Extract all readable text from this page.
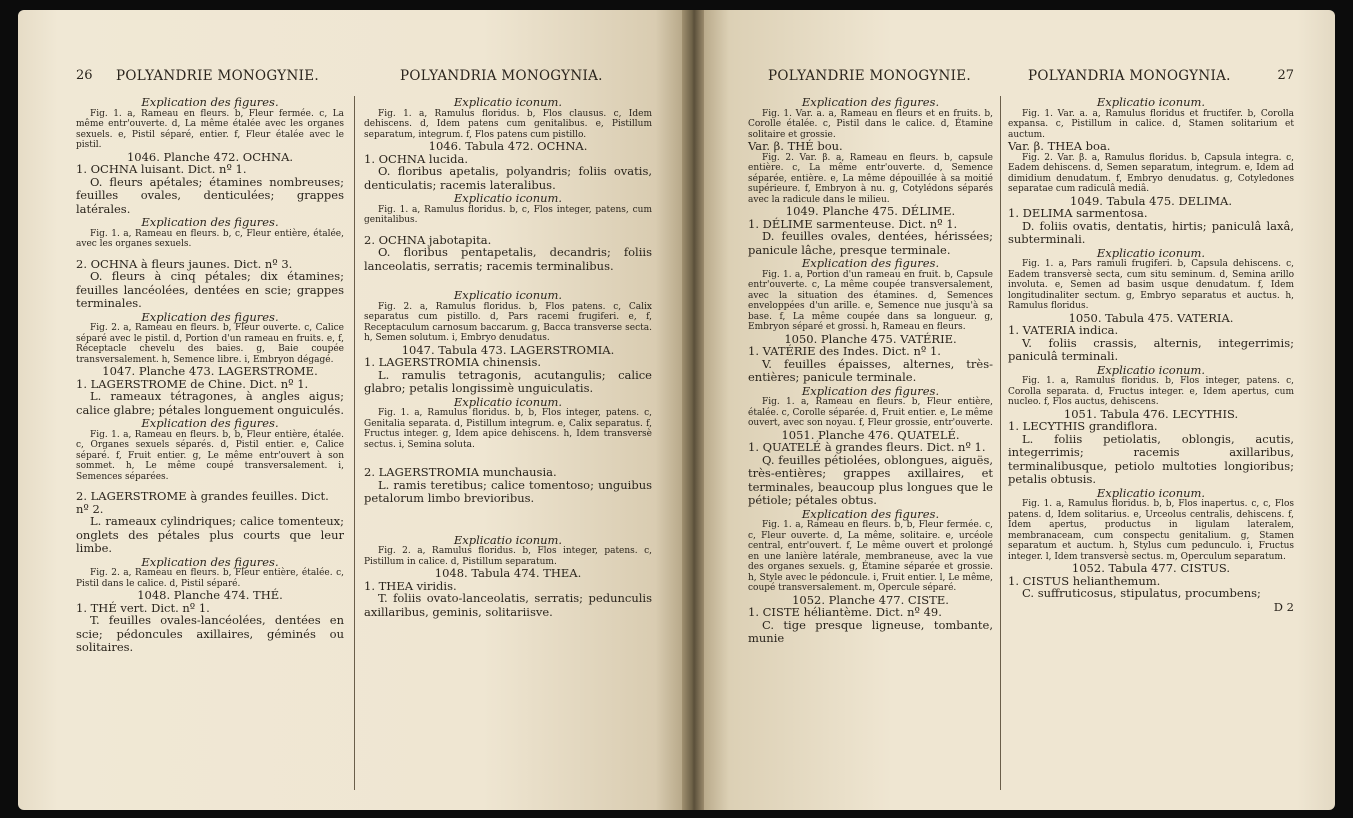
26 POLYANDRIE MONOGYNIE.

Explication des figures.

Fig. 1. a, Rameau en fleurs. b, Fleur fermée. c, La même entr'ouverte. d, La même étalée avec les organes sexuels. e, Pistil séparé, entier. f, Fleur étalée avec le pistil.

1046. Planche 472. OCHNA.

1. OCHNA luisant. Dict. nº 1.

O. fleurs apétales; étamines nombreuses; feuilles ovales, denticulées; grappes latérales.

Explication des figures.

Fig. 1. a, Rameau en fleurs. b, c, Fleur entière, étalée, avec les organes sexuels.

2. OCHNA à fleurs jaunes. Dict. nº 3.

O. fleurs à cinq pétales; dix étamines; feuilles lancéolées, dentées en scie; grappes terminales.

Explication des figures.

Fig. 2. a, Rameau en fleurs. b, Fleur ouverte. c, Calice séparé avec le pistil. d, Portion d'un rameau en fruits. e, f, Réceptacle chevelu des baies. g, Baie coupée transversalement. h, Semence libre. i, Embryon dégagé.

1047. Planche 473. LAGERSTROME.

1. LAGERSTROME de Chine. Dict. nº 1.

L. rameaux tétragones, à angles aigus; calice glabre; pétales longuement onguiculés.

Explication des figures.

Fig. 1. a, Rameau en fleurs. b, b, Fleur entière, étalée. c, Organes sexuels séparés. d, Pistil entier. e, Calice séparé. f, Fruit entier. g, Le même entr'ouvert à son sommet. h, Le même coupé transversalement. i, Semences séparées.

2. LAGERSTROME à grandes feuilles. Dict. nº 2.

L. rameaux cylindriques; calice tomenteux; onglets des pétales plus courts que leur limbe.

Explication des figures.

Fig. 2. a, Rameau en fleurs. b, Fleur entière, étalée. c, Pistil dans le calice. d, Pistil séparé.

1048. Planche 474. THÉ.

1. THÉ vert. Dict. nº 1.

T. feuilles ovales-lancéolées, dentées en scie; pédoncules axillaires, géminés ou solitaires.

POLYANDRIA MONOGYNIA.

Explicatio iconum.

Fig. 1. a, Ramulus floridus. b, Flos clausus. c, Idem dehiscens. d, Idem patens cum genitalibus. e, Pistillum separatum, integrum. f, Flos patens cum pistillo.

1046. Tabula 472. OCHNA.

1. OCHNA lucida.

O. floribus apetalis, polyandris; foliis ovatis, denticulatis; racemis lateralibus.

Explicatio iconum.

Fig. 1. a, Ramulus floridus. b, c, Flos integer, patens, cum genitalibus.

2. OCHNA jabotapita.

O. floribus pentapetalis, decandris; foliis lanceolatis, serratis; racemis terminalibus.

Explicatio iconum.

Fig. 2. a, Ramulus floridus. b, Flos patens. c, Calix separatus cum pistillo. d, Pars racemi frugiferi. e, f, Receptaculum carnosum baccarum. g, Bacca transverse secta. h, Semen solutum. i, Embryo denudatus.

1047. Tabula 473. LAGERSTROMIA.

1. LAGERSTROMIA chinensis.

L. ramulis tetragonis, acutangulis; calice glabro; petalis longissimè unguiculatis.

Explicatio iconum.

Fig. 1. a, Ramulus floridus. b, b, Flos integer, patens. c, Genitalia separata. d, Pistillum integrum. e, Calix separatus. f, Fructus integer. g, Idem apice dehiscens. h, Idem transversè sectus. i, Semina soluta.

2. LAGERSTROMIA munchausia.

L. ramis teretibus; calice tomentoso; unguibus petalorum limbo brevioribus.

Explicatio iconum.

Fig. 2. a, Ramulus floridus. b, Flos integer, patens. c, Pistillum in calice. d, Pistillum separatum.

1048. Tabula 474. THEA.

1. THEA viridis.

T. foliis ovato-lanceolatis, serratis; pedunculis axillaribus, geminis, solitariisve.

POLYANDRIE MONOGYNIE.

Explication des figures.

Fig. 1. Var. a. a, Rameau en fleurs et en fruits. b, Corolle étalée. c, Pistil dans le calice. d, Étamine solitaire et grossie.

Var. β. THÉ bou.

Fig. 2. Var. β. a, Rameau en fleurs. b, capsule entière. c, La même entr'ouverte. d, Semence séparée, entière. e, La même dépouillée à sa moitié supérieure. f, Embryon à nu. g, Cotylédons séparés avec la radicule dans le milieu.

1049. Planche 475. DÉLIME.

1. DÉLIME sarmenteuse. Dict. nº 1.

D. feuilles ovales, dentées, hérissées; panicule lâche, presque terminale.

Explication des figures.

Fig. 1. a, Portion d'un rameau en fruit. b, Capsule entr'ouverte. c, La même coupée transversalement, avec la situation des étamines. d, Semences enveloppées d'un arille. e, Semence nue jusqu'à sa base. f, La même coupée dans sa longueur. g, Embryon séparé et grossi. h, Rameau en fleurs.

1050. Planche 475. VATÉRIE.

1. VATÉRIE des Indes. Dict. nº 1.

V. feuilles épaisses, alternes, très-entières; panicule terminale.

Explication des figures.

Fig. 1. a, Rameau en fleurs. b, Fleur entière, étalée. c, Corolle séparée. d, Fruit entier. e, Le même ouvert, avec son noyau. f, Fleur grossie, entr'ouverte.

1051. Planche 476. QUATELÉ.

1. QUATELÉ à grandes fleurs. Dict. nº 1.

Q. feuilles pétiolées, oblongues, aiguës, très-entières; grappes axillaires, et terminales, beaucoup plus longues que le pétiole; pétales obtus.

Explication des figures.

Fig. 1. a, Rameau en fleurs. b, b, Fleur fermée. c, c, Fleur ouverte. d, La même, solitaire. e, urcéole central, entr'ouvert. f, Le même ouvert et prolongé en une lanière latérale, membraneuse, avec la vue des organes sexuels. g, Étamine séparée et grossie. h, Style avec le pédoncule. i, Fruit entier. l, Le même, coupé transversalement. m, Opercule séparé.

1052. Planche 477. CISTE.

1. CISTE héliantème. Dict. nº 49.

C. tige presque ligneuse, tombante, munie

POLYANDRIA MONOGYNIA.	27

Explicatio iconum.

Fig. 1. Var. a. a, Ramulus floridus et fructifer. b, Corolla expansa. c, Pistillum in calice. d, Stamen solitarium et auctum.

Var. β. THEA boa.

Fig. 2. Var. β. a, Ramulus floridus. b, Capsula integra. c, Eadem dehiscens. d, Semen separatum, integrum. e, Idem ad dimidium denudatum. f, Embryo denudatus. g, Cotyledones separatae cum radiculâ mediâ.

1049. Tabula 475. DELIMA.

1. DELIMA sarmentosa.

D. foliis ovatis, dentatis, hirtis; paniculâ laxâ, subterminali.

Explicatio iconum.

Fig. 1. a, Pars ramuli frugiferi. b, Capsula dehiscens. c, Eadem transversè secta, cum situ seminum. d, Semina arillo involuta. e, Semen ad basim usque denudatum. f, Idem longitudinaliter sectum. g, Embryo separatus et auctus. h, Ramulus floridus.

1050. Tabula 475. VATERIA.

1. VATERIA indica.

V. foliis crassis, alternis, integerrimis; paniculâ terminali.

Explicatio iconum.

Fig. 1. a, Ramulus floridus. b, Flos integer, patens. c, Corolla separata. d, Fructus integer. e, Idem apertus, cum nucleo. f, Flos auctus, dehiscens.

1051. Tabula 476. LECYTHIS.

1. LECYTHIS grandiflora.

L. foliis petiolatis, oblongis, acutis, integerrimis; racemis axillaribus, terminalibusque, petiolo multoties longioribus; petalis obtusis.

Explicatio iconum.

Fig. 1. a, Ramulus floridus. b, b, Flos inapertus. c, c, Flos patens. d, Idem solitarius. e, Urceolus centralis, dehiscens. f, Idem apertus, productus in ligulam lateralem, membranaceam, cum conspectu genitalium. g, Stamen separatum et auctum. h, Stylus cum pedunculo. i, Fructus integer. l, Idem transversè sectus. m, Operculum separatum.

1052. Tabula 477. CISTUS.

1. CISTUS helianthemum.

C. suffruticosus, stipulatus, procumbens;

D 2
